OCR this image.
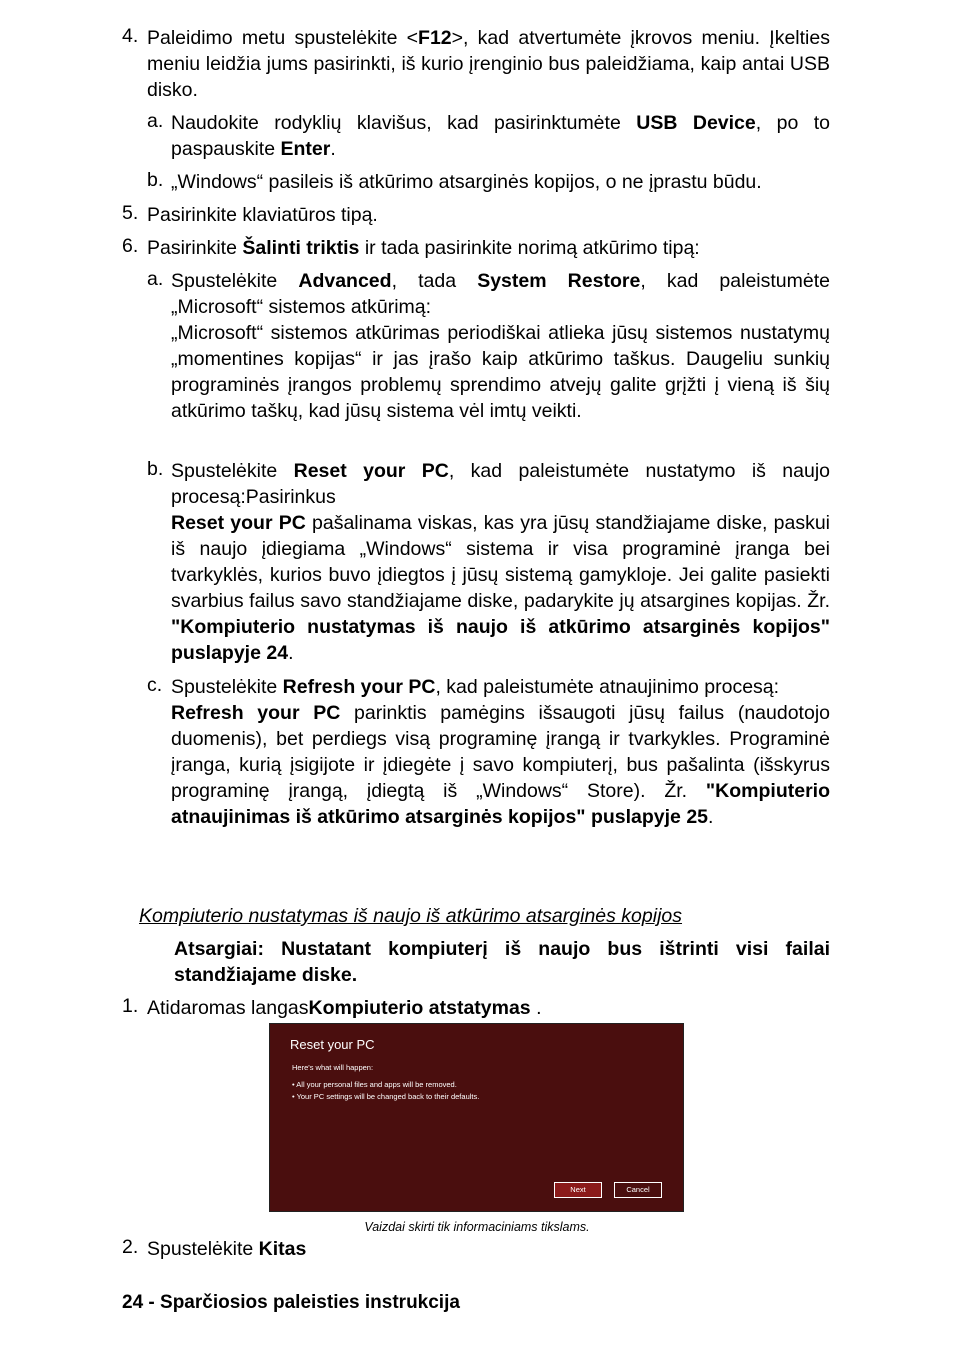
4. Paleidimo metu spustelėkite <F12>, kad atvertumėte įkrovos meniu. Įkelties meniu leidžia jums pasirinkti, iš kurio įrenginio bus paleidžiama, kaip antai USB disko.

a. Naudokite rodyklių klavišus, kad pasirinktumėte USB Device, po to paspauskite Enter.

b. „Windows“ pasileis iš atkūrimo atsarginės kopijos, o ne įprastu būdu.

5. Pasirinkite klaviatūros tipą.

6. Pasirinkite Šalinti triktis ir tada pasirinkite norimą atkūrimo tipą:

a. Spustelėkite Advanced, tada System Restore, kad paleistumėte „Microsoft“ sistemos atkūrimą:

„Microsoft“ sistemos atkūrimas periodiškai atlieka jūsų sistemos nustatymų „momentines kopijas“ ir jas įrašo kaip atkūrimo taškus. Daugeliu sunkių programinės įrangos problemų sprendimo atvejų galite grįžti į vieną iš šių atkūrimo taškų, kad jūsų sistema vėl imtų veikti.

b. Spustelėkite Reset your PC, kad paleistumėte nustatymo iš naujo procesą:Pasirinkus

Reset your PC pašalinama viskas, kas yra jūsų standžiajame diske, paskui iš naujo įdiegiama „Windows“ sistema ir visa programinė įranga bei tvarkyklės, kurios buvo įdiegtos į jūsų sistemą gamykloje. Jei galite pasiekti svarbius failus savo standžiajame diske, padarykite jų atsargines kopijas. Žr. "Kompiuterio nustatymas iš naujo iš atkūrimo atsarginės kopijos" puslapyje 24.

c. Spustelėkite Refresh your PC, kad paleistumėte atnaujinimo procesą:

Refresh your PC parinktis pamėgins išsaugoti jūsų failus (naudotojo duomenis), bet perdiegs visą programinę įrangą ir tvarkykles. Programinė įranga, kurią įsigijote ir įdiegėte į savo kompiuterį, bus pašalinta (išskyrus programinę įrangą, įdiegtą iš „Windows“ Store). Žr. "Kompiuterio atnaujinimas iš atkūrimo atsarginės kopijos" puslapyje 25.

Kompiuterio nustatymas iš naujo iš atkūrimo atsarginės kopijos

Atsargiai: Nustatant kompiuterį iš naujo bus ištrinti visi failai standžiajame diske.

1. Atidaromas langasKompiuterio atstatymas .

Reset your PC
Here's what will happen:
• All your personal files and apps will be removed.
• Your PC settings will be changed back to their defaults.
Next	Cancel
Vaizdai skirti tik informaciniams tikslams.
2. Spustelėkite Kitas

24 - Sparčiosios paleisties instrukcija
